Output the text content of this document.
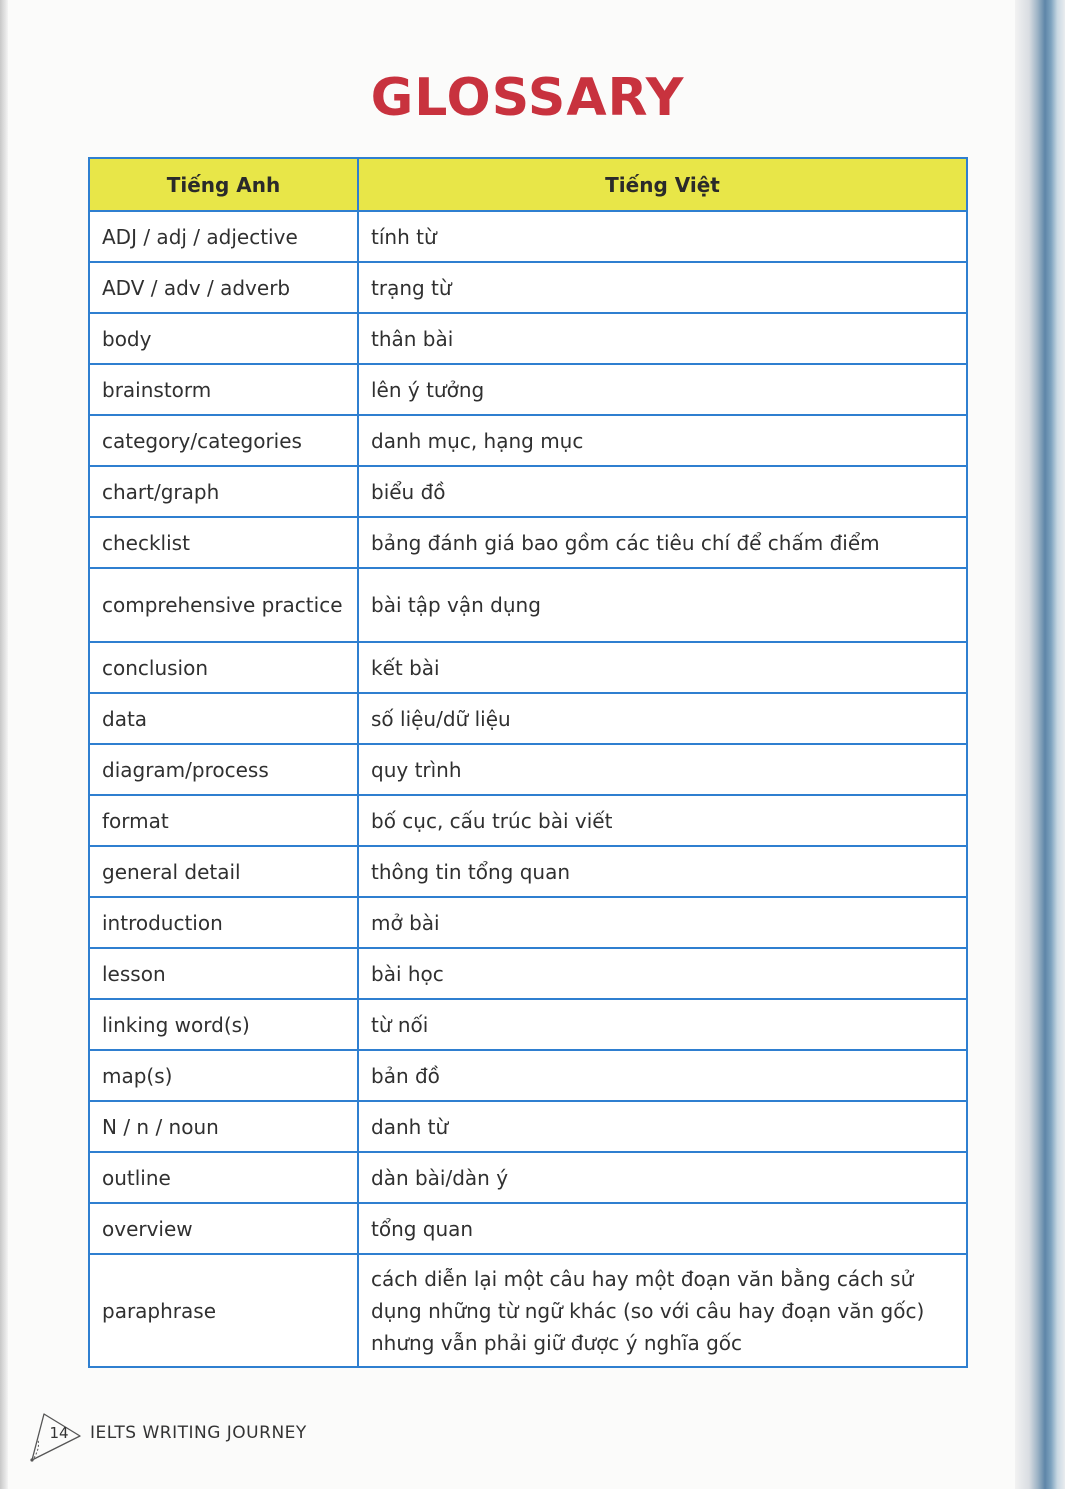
GLOSSARY
Tiếng Anh	Tiếng Việt
ADJ / adj / adjective	tính từ
ADV / adv / adverb	trạng từ
body	thân bài
brainstorm	lên ý tưởng
category/categories	danh mục, hạng mục
chart/graph	biểu đồ
checklist	bảng đánh giá bao gồm các tiêu chí để chấm điểm
comprehensive practice	bài tập vận dụng
conclusion	kết bài
data	số liệu/dữ liệu
diagram/process	quy trình
format	bố cục, cấu trúc bài viết
general detail	thông tin tổng quan
introduction	mở bài
lesson	bài học
linking word(s)	từ nối
map(s)	bản đồ
N / n / noun	danh từ
outline	dàn bài/dàn ý
overview	tổng quan
paraphrase	cách diễn lại một câu hay một đoạn văn bằng cách sử dụng những từ ngữ khác (so với câu hay đoạn văn gốc) nhưng vẫn phải giữ được ý nghĩa gốc
14	IELTS WRITING JOURNEY
